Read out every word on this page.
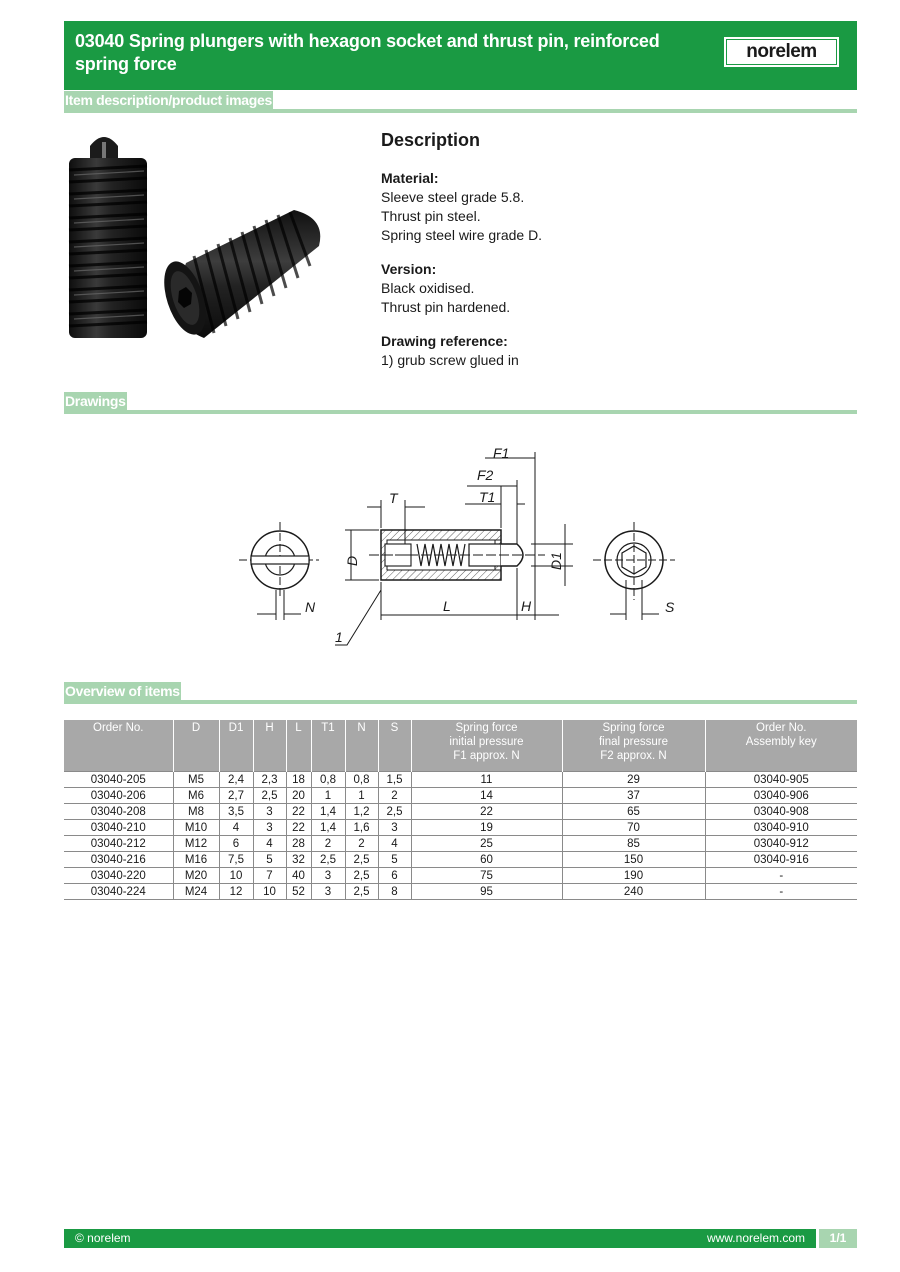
03040 Spring plungers with hexagon socket and thrust pin, reinforced spring force
norelem
Item description/product images
Description
Material:
Sleeve steel grade 5.8.
Thrust pin steel.
Spring steel wire grade D.
Version:
Black oxidised.
Thrust pin hardened.
Drawing reference:
1) grub screw glued in
Drawings
F1
F2
T1
T
D	D1
L	H
N	S
1
Overview of items
Order No.	D	D1	H	L	T1	N	S	Spring force
initial pressure
F1 approx. N	Spring force
final pressure
F2 approx. N	Order No.
Assembly key
03040-205	M5	2,4	2,3	18	0,8	0,8	1,5	11	29	03040-905
03040-206	M6	2,7	2,5	20	1	1	2	14	37	03040-906
03040-208	M8	3,5	3	22	1,4	1,2	2,5	22	65	03040-908
03040-210	M10	4	3	22	1,4	1,6	3	19	70	03040-910
03040-212	M12	6	4	28	2	2	4	25	85	03040-912
03040-216	M16	7,5	5	32	2,5	2,5	5	60	150	03040-916
03040-220	M20	10	7	40	3	2,5	6	75	190	-
03040-224	M24	12	10	52	3	2,5	8	95	240	-
© norelem	www.norelem.com	1/1
